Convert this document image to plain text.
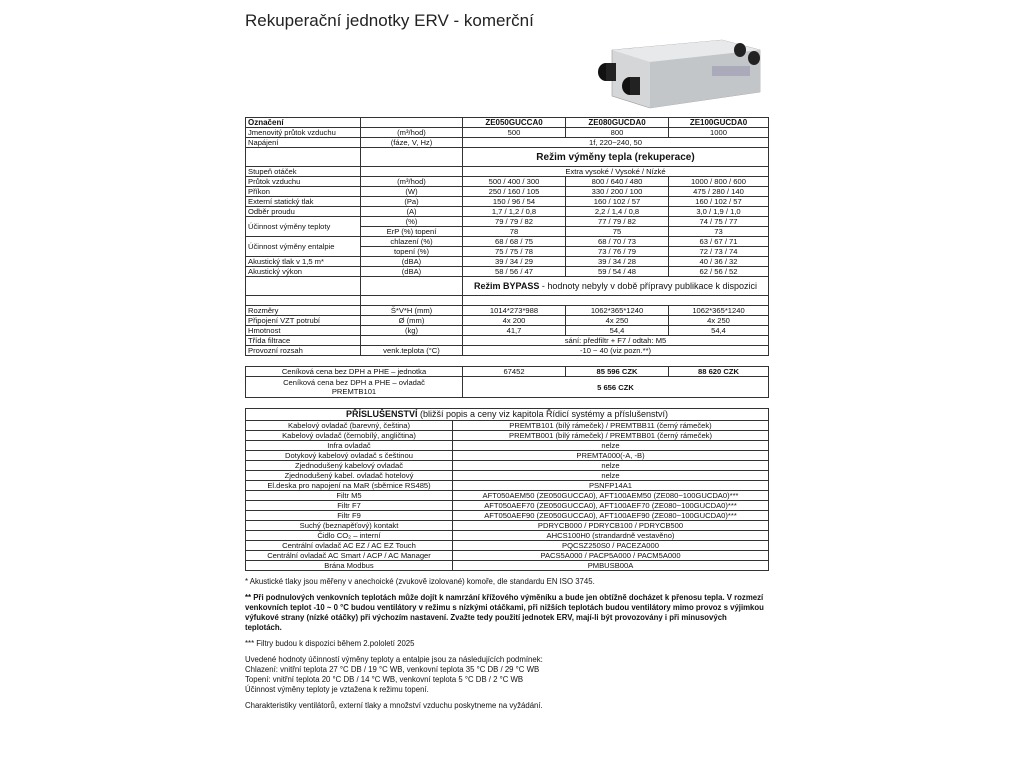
Rekuperační jednotky ERV - komerční
Označení		ZE050GUCCA0	ZE080GUCDA0	ZE100GUCDA0
Jmenovitý průtok vzduchu	(m³/hod)	500	800	1000
Napájení	(fáze, V, Hz)	1f, 220~240, 50		
		Režim výměny tepla (rekuperace)		
Stupeň otáček		Extra vysoké / Vysoké / Nízké		
Průtok vzduchu	(m³/hod)	500 / 400 / 300	800 / 640 / 480	1000 / 800 / 600
Příkon	(W)	250 / 160 / 105	330 / 200 / 100	475 / 280 / 140
Externí statický tlak	(Pa)	150 / 96 / 54	160 / 102 / 57	160 / 102 / 57
Odběr proudu	(A)	1,7 / 1,2 / 0,8	2,2 / 1,4 / 0,8	3,0 / 1,9 / 1,0
Účinnost výměny teploty	(%)	79 / 79 / 82	77 / 79 / 82	74 / 75 / 77
	ErP (%) topení	78	75	73
Účinnost výměny entalpie	chlazení (%)	68 / 68 / 75	68 / 70 / 73	63 / 67 / 71
	topení (%)	75 / 75 / 78	73 / 76 / 79	72 / 73 / 74
Akustický tlak v 1,5 m*	(dBA)	39 / 34 / 29	39 / 34 / 28	40 / 36 / 32
Akustický výkon	(dBA)	58 / 56 / 47	59 / 54 / 48	62 / 56 / 52
		Režim BYPASS - hodnoty nebyly v době přípravy publikace k dispozici		

Rozměry	Š*V*H (mm)	1014*273*988	1062*365*1240	1062*365*1240
Připojení VZT potrubí	Ø (mm)	4x 200	4x 250	4x 250
Hmotnost	(kg)	41,7	54,4	54,4
Třída filtrace		sání: předfiltr + F7 / odtah: M5		
Provozní rozsah	venk.teplota (°C)	-10 ~ 40 (viz pozn.**)		
Ceníková cena bez DPH a PHE – jednotka	67452	85 596 CZK	88 620 CZK
Ceníková cena bez DPH a PHE – ovladač
PREMTB101	5 656 CZK		
PŘÍSLUŠENSTVÍ (bližší popis a ceny viz kapitola Řídicí systémy a příslušenství)	
Kabelový ovladač (barevný, čeština)	PREMTB101 (bílý rámeček) / PREMTBB11 (černý rámeček)
Kabelový ovladač (černobílý, angličtina)	PREMTB001 (bílý rámeček) / PREMTBB01 (černý rámeček)
Infra ovladač	nelze
Dotykový kabelový ovladač s češtinou	PREMTA000(-A, -B)
Zjednodušený kabelový ovladač	nelze
Zjednodušený kabel. ovladač hotelový	nelze
El.deska pro napojení na MaR (sběrnice RS485)	PSNFP14A1
Filtr M5	AFT050AEM50 (ZE050GUCCA0), AFT100AEM50 (ZE080~100GUCDA0)***
Filtr F7	AFT050AEF70 (ZE050GUCCA0), AFT100AEF70 (ZE080~100GUCDA0)***
Filtr F9	AFT050AEF90 (ZE050GUCCA0), AFT100AEF90 (ZE080~100GUCDA0)***
Suchý (beznapěťový) kontakt	PDRYCB000 / PDRYCB100 / PDRYCB500
Čidlo CO₂ – interní	AHCS100H0 (strandardně vestavěno)
Centrální ovladač AC EZ / AC EZ Touch	PQCSZ250S0 / PACEZA000
Centrální ovladač AC Smart / ACP / AC Manager	PACS5A000 / PACP5A000 / PACM5A000
Brána Modbus	PMBUSB00A

* Akustické tlaky jsou měřeny v anechoické (zvukově izolované) komoře, dle standardu EN ISO 3745.

** Při podnulových venkovních teplotách může dojít k namrzání křížového výměníku a bude jen obtížně docházet k přenosu tepla. V rozmezí venkovních teplot -10 ~ 0 °C budou ventilátory v režimu s nízkými otáčkami, při nižších teplotách budou ventilátory mimo provoz s výjimkou výfukové strany (nízké otáčky) při výchozím nastavení. Zvažte tedy použití jednotek ERV, mají-li být provozovány i při minusových teplotách.

*** Filtry budou k dispozici během 2.pololetí 2025

Uvedené hodnoty účinností výměny teploty a entalpie jsou za následujících podmínek:
Chlazení: vnitřní teplota 27 °C DB / 19 °C WB, venkovní teplota 35 °C DB / 29 °C WB
Topení: vnitřní teplota 20 °C DB / 14 °C WB, venkovní teplota 5 °C DB / 2 °C WB
Účinnost výměny teploty je vztažena k režimu topení.

Charakteristiky ventilátorů, externí tlaky a množství vzduchu poskytneme na vyžádání.
